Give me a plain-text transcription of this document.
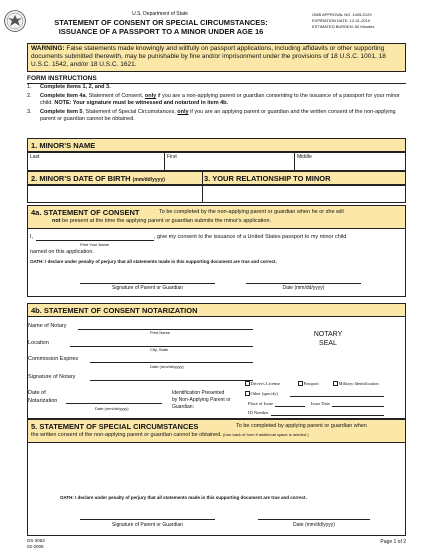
U.S. Department of State
STATEMENT OF CONSENT OR SPECIAL CIRCUMSTANCES:
ISSUANCE OF A PASSPORT TO A MINOR UNDER AGE 16
OMB APPROVAL NO. 1405-0129
EXPIRATION DATE: 12-31-2010
ESTIMATED BURDEN: 60 Minutes
WARNING: False statements made knowingly and willfully on passport applications, including affidavits or other supporting documents submitted therewith, may be punishable by fine and/or imprisonment under the provisions of 18 U.S.C. 1001, 18 U.S.C. 1542, and/or 18 U.S.C. 1621.
FORM INSTRUCTIONS
1. Complete items 1, 2, and 3.
2. Complete item 4a, Statement of Consent, only if you are a non-applying parent or guardian consenting to the issuance of a passport for your minor child. NOTE: Your signature must be witnessed and notarized in item 4b.
3. Complete item 5, Statement of Special Circumstances, only if you are an applying parent or guardian and the written consent of the non-applying parent or guardian cannot be obtained.
1. MINOR'S NAME
Last	First	Middle
2. MINOR'S DATE OF BIRTH (mm/dd/yyyy)	3. YOUR RELATIONSHIP TO MINOR
4a. STATEMENT OF CONSENT	To be completed by the non-applying parent or guardian when he or she will
not be present at the time the applying parent or guardian submits the minor's application.
I,	, give my consent to the issuance of a United States passport to my minor child
Print Your Name
named on this application.
OATH: I declare under penalty of perjury that all statements made in this supporting document are true and correct.
Signature of Parent or Guardian	Date (mm/dd/yyyy)
4b. STATEMENT OF CONSENT NOTARIZATION
Name of Notary
Print Name
Location
City, State
Commission Expires
Date (mm/dd/yyyy)
Signature of Notary
NOTARY
SEAL
Date of
Notarization
Date (mm/dd/yyyy)
Identification Presented
by Non-Applying Parent or
Guardian:
Driver's License	Passport	Military Identification
Other (specify)
Place of Issue	Issue Date
ID Number
5. STATEMENT OF SPECIAL CIRCUMSTANCES	To be completed by applying parent or guardian when
the written consent of the non-applying parent or guardian cannot be obtained. (Use back of form if additional space is needed.)
OATH: I declare under penalty of perjury that all statements made in this supporting document are true and correct.
Signature of Parent or Guardian	Date (mm/dd/yyyy)
DS-3053
02-2008
Page 1 of 2
